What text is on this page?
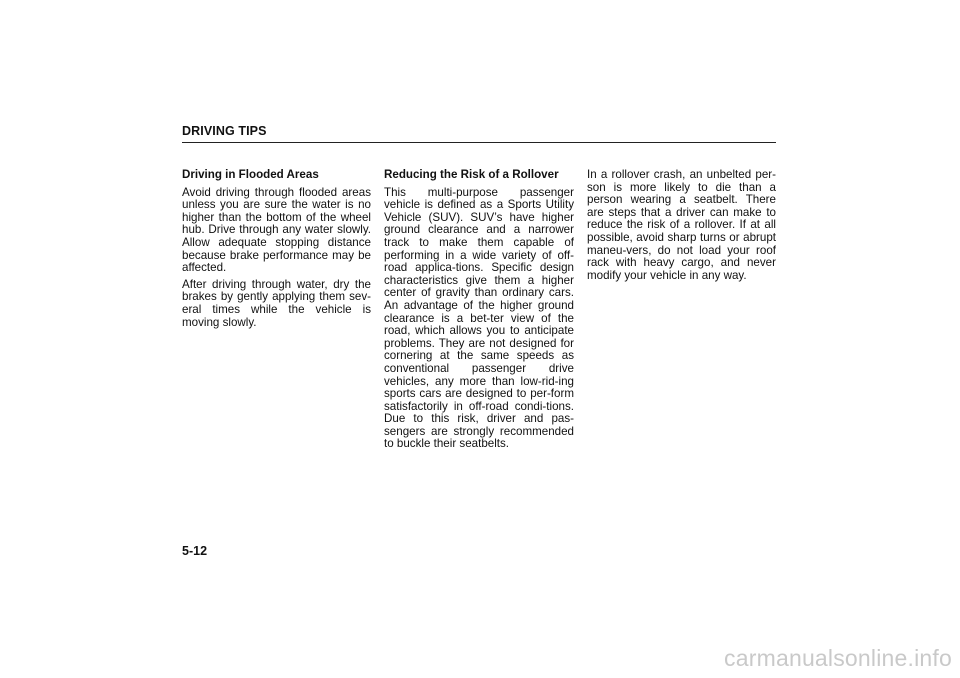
DRIVING TIPS

Driving in Flooded Areas

Avoid driving through flooded areas unless you are sure the water is no higher than the bottom of the wheel hub. Drive through any water slowly. Allow adequate stopping distance because brake performance may be affected.

After driving through water, dry the brakes by gently applying them sev-eral times while the vehicle is moving slowly.

Reducing the Risk of a Rollover

This multi-purpose passenger vehicle is defined as a Sports Utility Vehicle (SUV). SUV’s have higher ground clearance and a narrower track to make them capable of performing in a wide variety of off-road applica-tions. Specific design characteristics give them a higher center of gravity than ordinary cars. An advantage of the higher ground clearance is a bet-ter view of the road, which allows you to anticipate problems. They are not designed for cornering at the same speeds as conventional passenger drive vehicles, any more than low-rid-ing sports cars are designed to per-form satisfactorily in off-road condi-tions. Due to this risk, driver and pas-sengers are strongly recommended to buckle their seatbelts.

In a rollover crash, an unbelted per-son is more likely to die than a person wearing a seatbelt. There are steps that a driver can make to reduce the risk of a rollover. If at all possible, avoid sharp turns or abrupt maneu-vers, do not load your roof rack with heavy cargo, and never modify your vehicle in any way.

5-12
carmanualsonline.info
